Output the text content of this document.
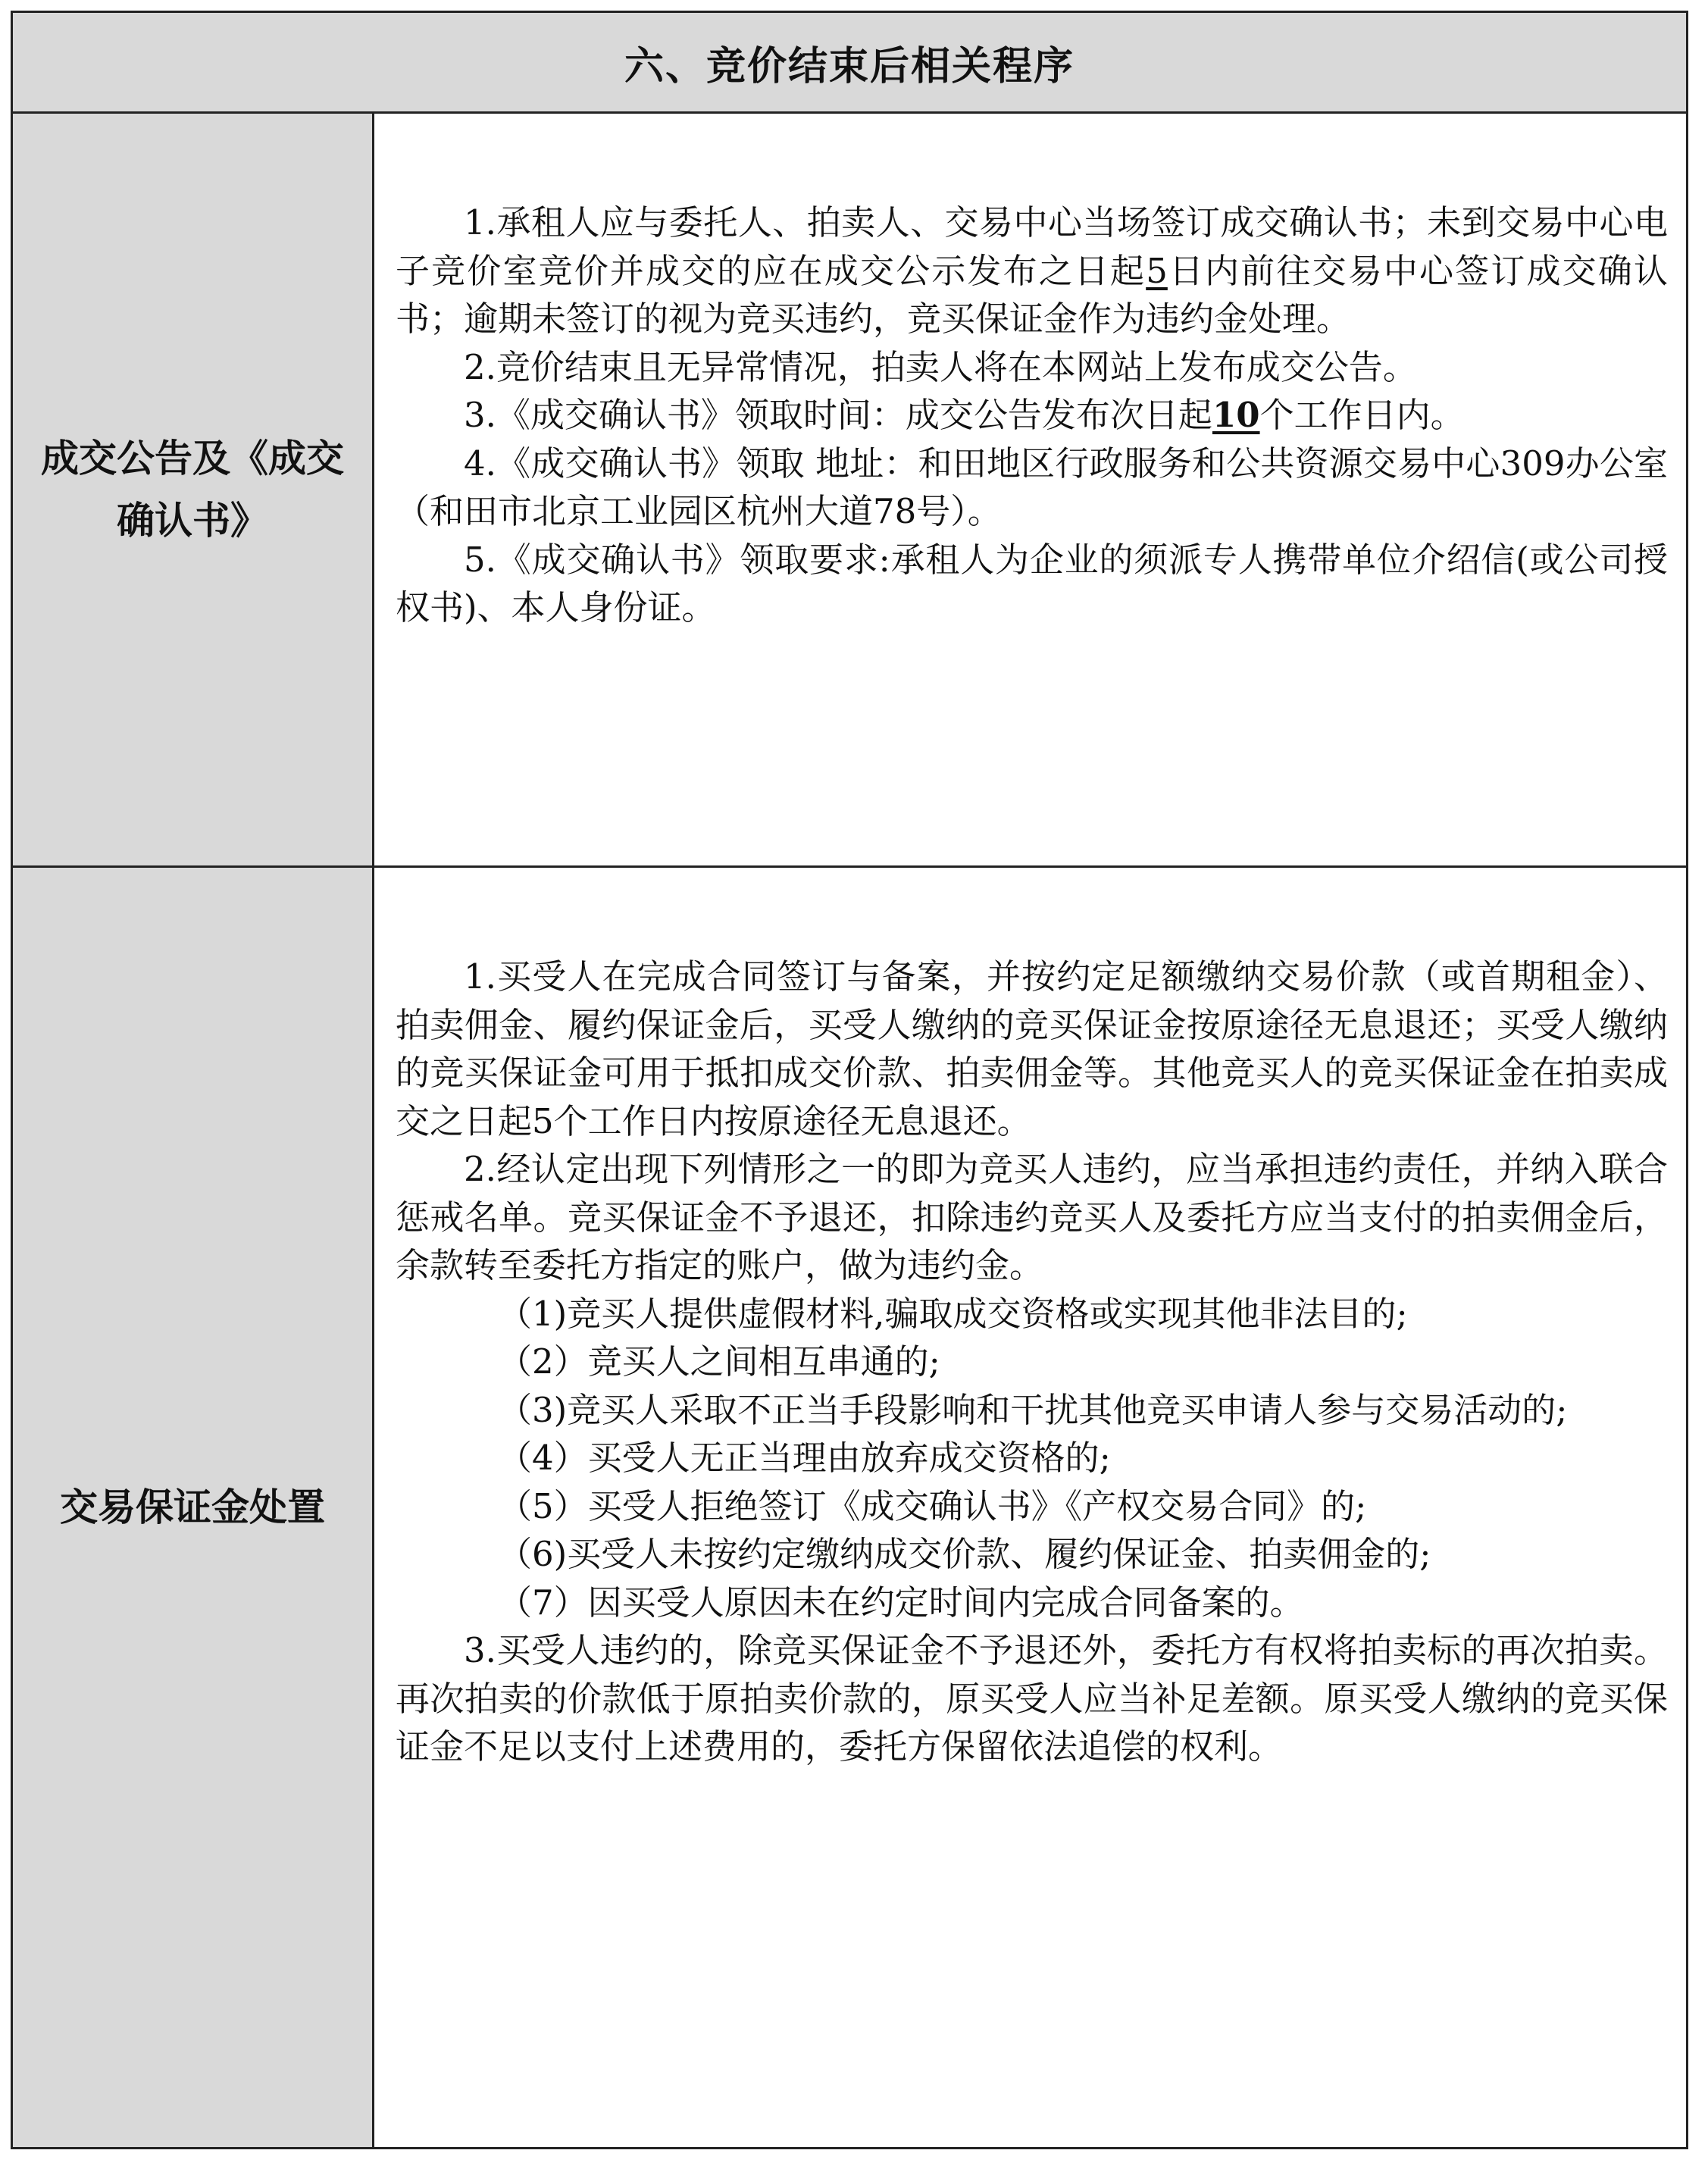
六、竞价结束后相关程序
成交公告及《成交确认书》

1.承租人应与委托人、拍卖人、交易中心当场签订成交确认书；未到交易中心电子竞价室竞价并成交的应在成交公示发布之日起5日内前往交易中心签订成交确认书；逾期未签订的视为竞买违约，竞买保证金作为违约金处理。

2.竞价结束且无异常情况，拍卖人将在本网站上发布成交公告。

3.《成交确认书》领取时间：成交公告发布次日起10个工作日内。

4.《成交确认书》领取 地址：和田地区行政服务和公共资源交易中心309办公室（和田市北京工业园区杭州大道78号）。

5.《成交确认书》领取要求:承租人为企业的须派专人携带单位介绍信(或公司授权书)、本人身份证。

交易保证金处置

1.买受人在完成合同签订与备案，并按约定足额缴纳交易价款（或首期租金）、拍卖佣金、履约保证金后，买受人缴纳的竞买保证金按原途径无息退还；买受人缴纳的竞买保证金可用于抵扣成交价款、拍卖佣金等。其他竞买人的竞买保证金在拍卖成交之日起5个工作日内按原途径无息退还。

2.经认定出现下列情形之一的即为竞买人违约，应当承担违约责任，并纳入联合惩戒名单。竞买保证金不予退还，扣除违约竞买人及委托方应当支付的拍卖佣金后，余款转至委托方指定的账户，做为违约金。

（1)竞买人提供虚假材料,骗取成交资格或实现其他非法目的;

（2）竞买人之间相互串通的;

（3)竞买人采取不正当手段影响和干扰其他竞买申请人参与交易活动的;

（4）买受人无正当理由放弃成交资格的;

（5）买受人拒绝签订《成交确认书》《产权交易合同》的;

（6)买受人未按约定缴纳成交价款、履约保证金、拍卖佣金的;

（7）因买受人原因未在约定时间内完成合同备案的。

3.买受人违约的，除竞买保证金不予退还外，委托方有权将拍卖标的再次拍卖。再次拍卖的价款低于原拍卖价款的，原买受人应当补足差额。原买受人缴纳的竞买保证金不足以支付上述费用的，委托方保留依法追偿的权利。
